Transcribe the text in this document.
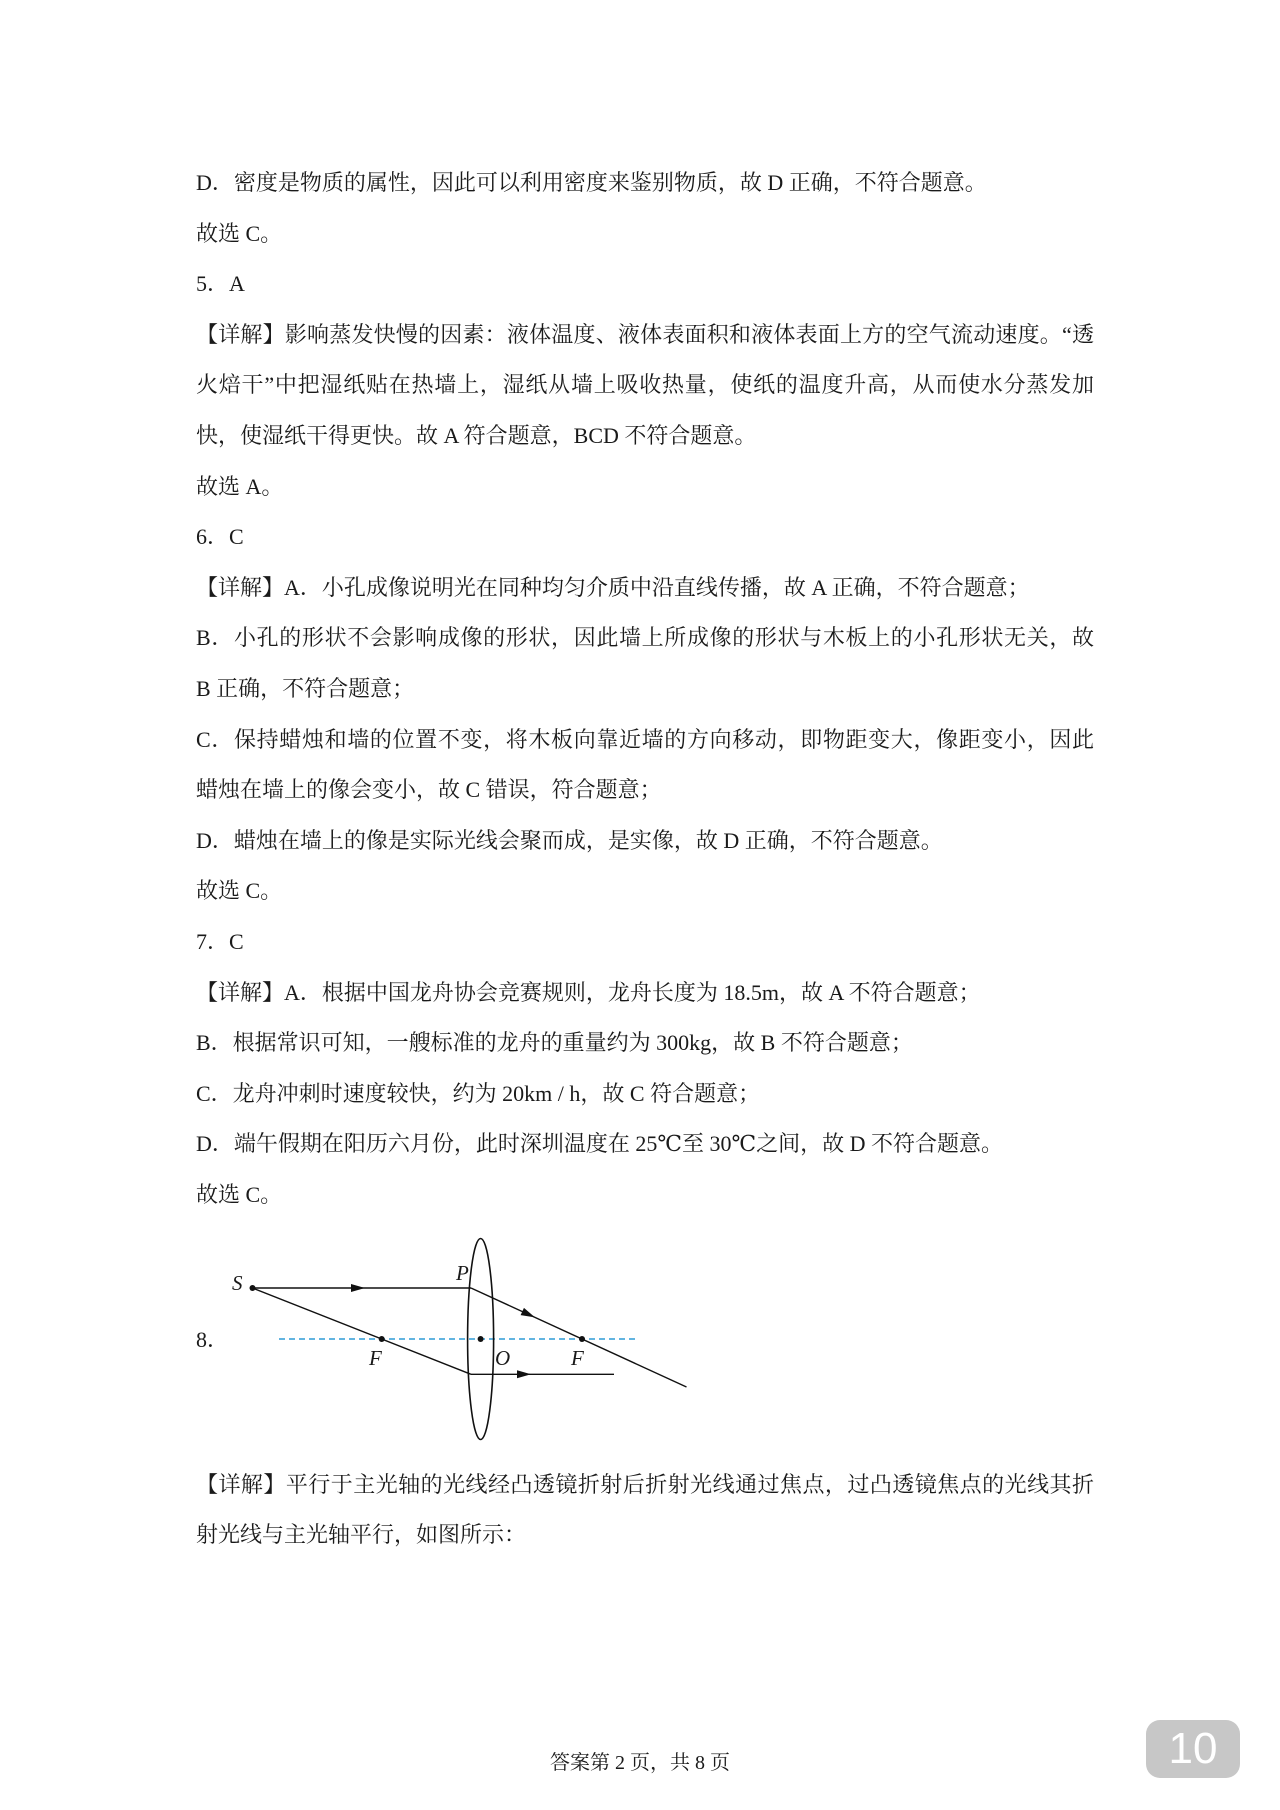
D．密度是物质的属性，因此可以利用密度来鉴别物质，故 D 正确，不符合题意。
故选 C。
5．A
【详解】影响蒸发快慢的因素：液体温度、液体表面积和液体表面上方的空气流动速度。“透
火焙干”中把湿纸贴在热墙上，湿纸从墙上吸收热量，使纸的温度升高，从而使水分蒸发加
快，使湿纸干得更快。故 A 符合题意，BCD 不符合题意。
故选 A。
6．C
【详解】A．小孔成像说明光在同种均匀介质中沿直线传播，故 A 正确，不符合题意；
B．小孔的形状不会影响成像的形状，因此墙上所成像的形状与木板上的小孔形状无关，故
B 正确，不符合题意；
C．保持蜡烛和墙的位置不变，将木板向靠近墙的方向移动，即物距变大，像距变小，因此
蜡烛在墙上的像会变小，故 C 错误，符合题意；
D．蜡烛在墙上的像是实际光线会聚而成，是实像，故 D 正确，不符合题意。
故选 C。
7．C
【详解】A．根据中国龙舟协会竞赛规则，龙舟长度为 18.5m，故 A 不符合题意；
B．根据常识可知，一艘标准的龙舟的重量约为 300kg，故 B 不符合题意；
C．龙舟冲刺时速度较快，约为 20km / h，故 C 符合题意；
D．端午假期在阳历六月份，此时深圳温度在 25℃至 30℃之间，故 D 不符合题意。
故选 C。
8．
S	P
F	O	F
【详解】平行于主光轴的光线经凸透镜折射后折射光线通过焦点，过凸透镜焦点的光线其折
射光线与主光轴平行，如图所示：
答案第 2 页，共 8 页	10
